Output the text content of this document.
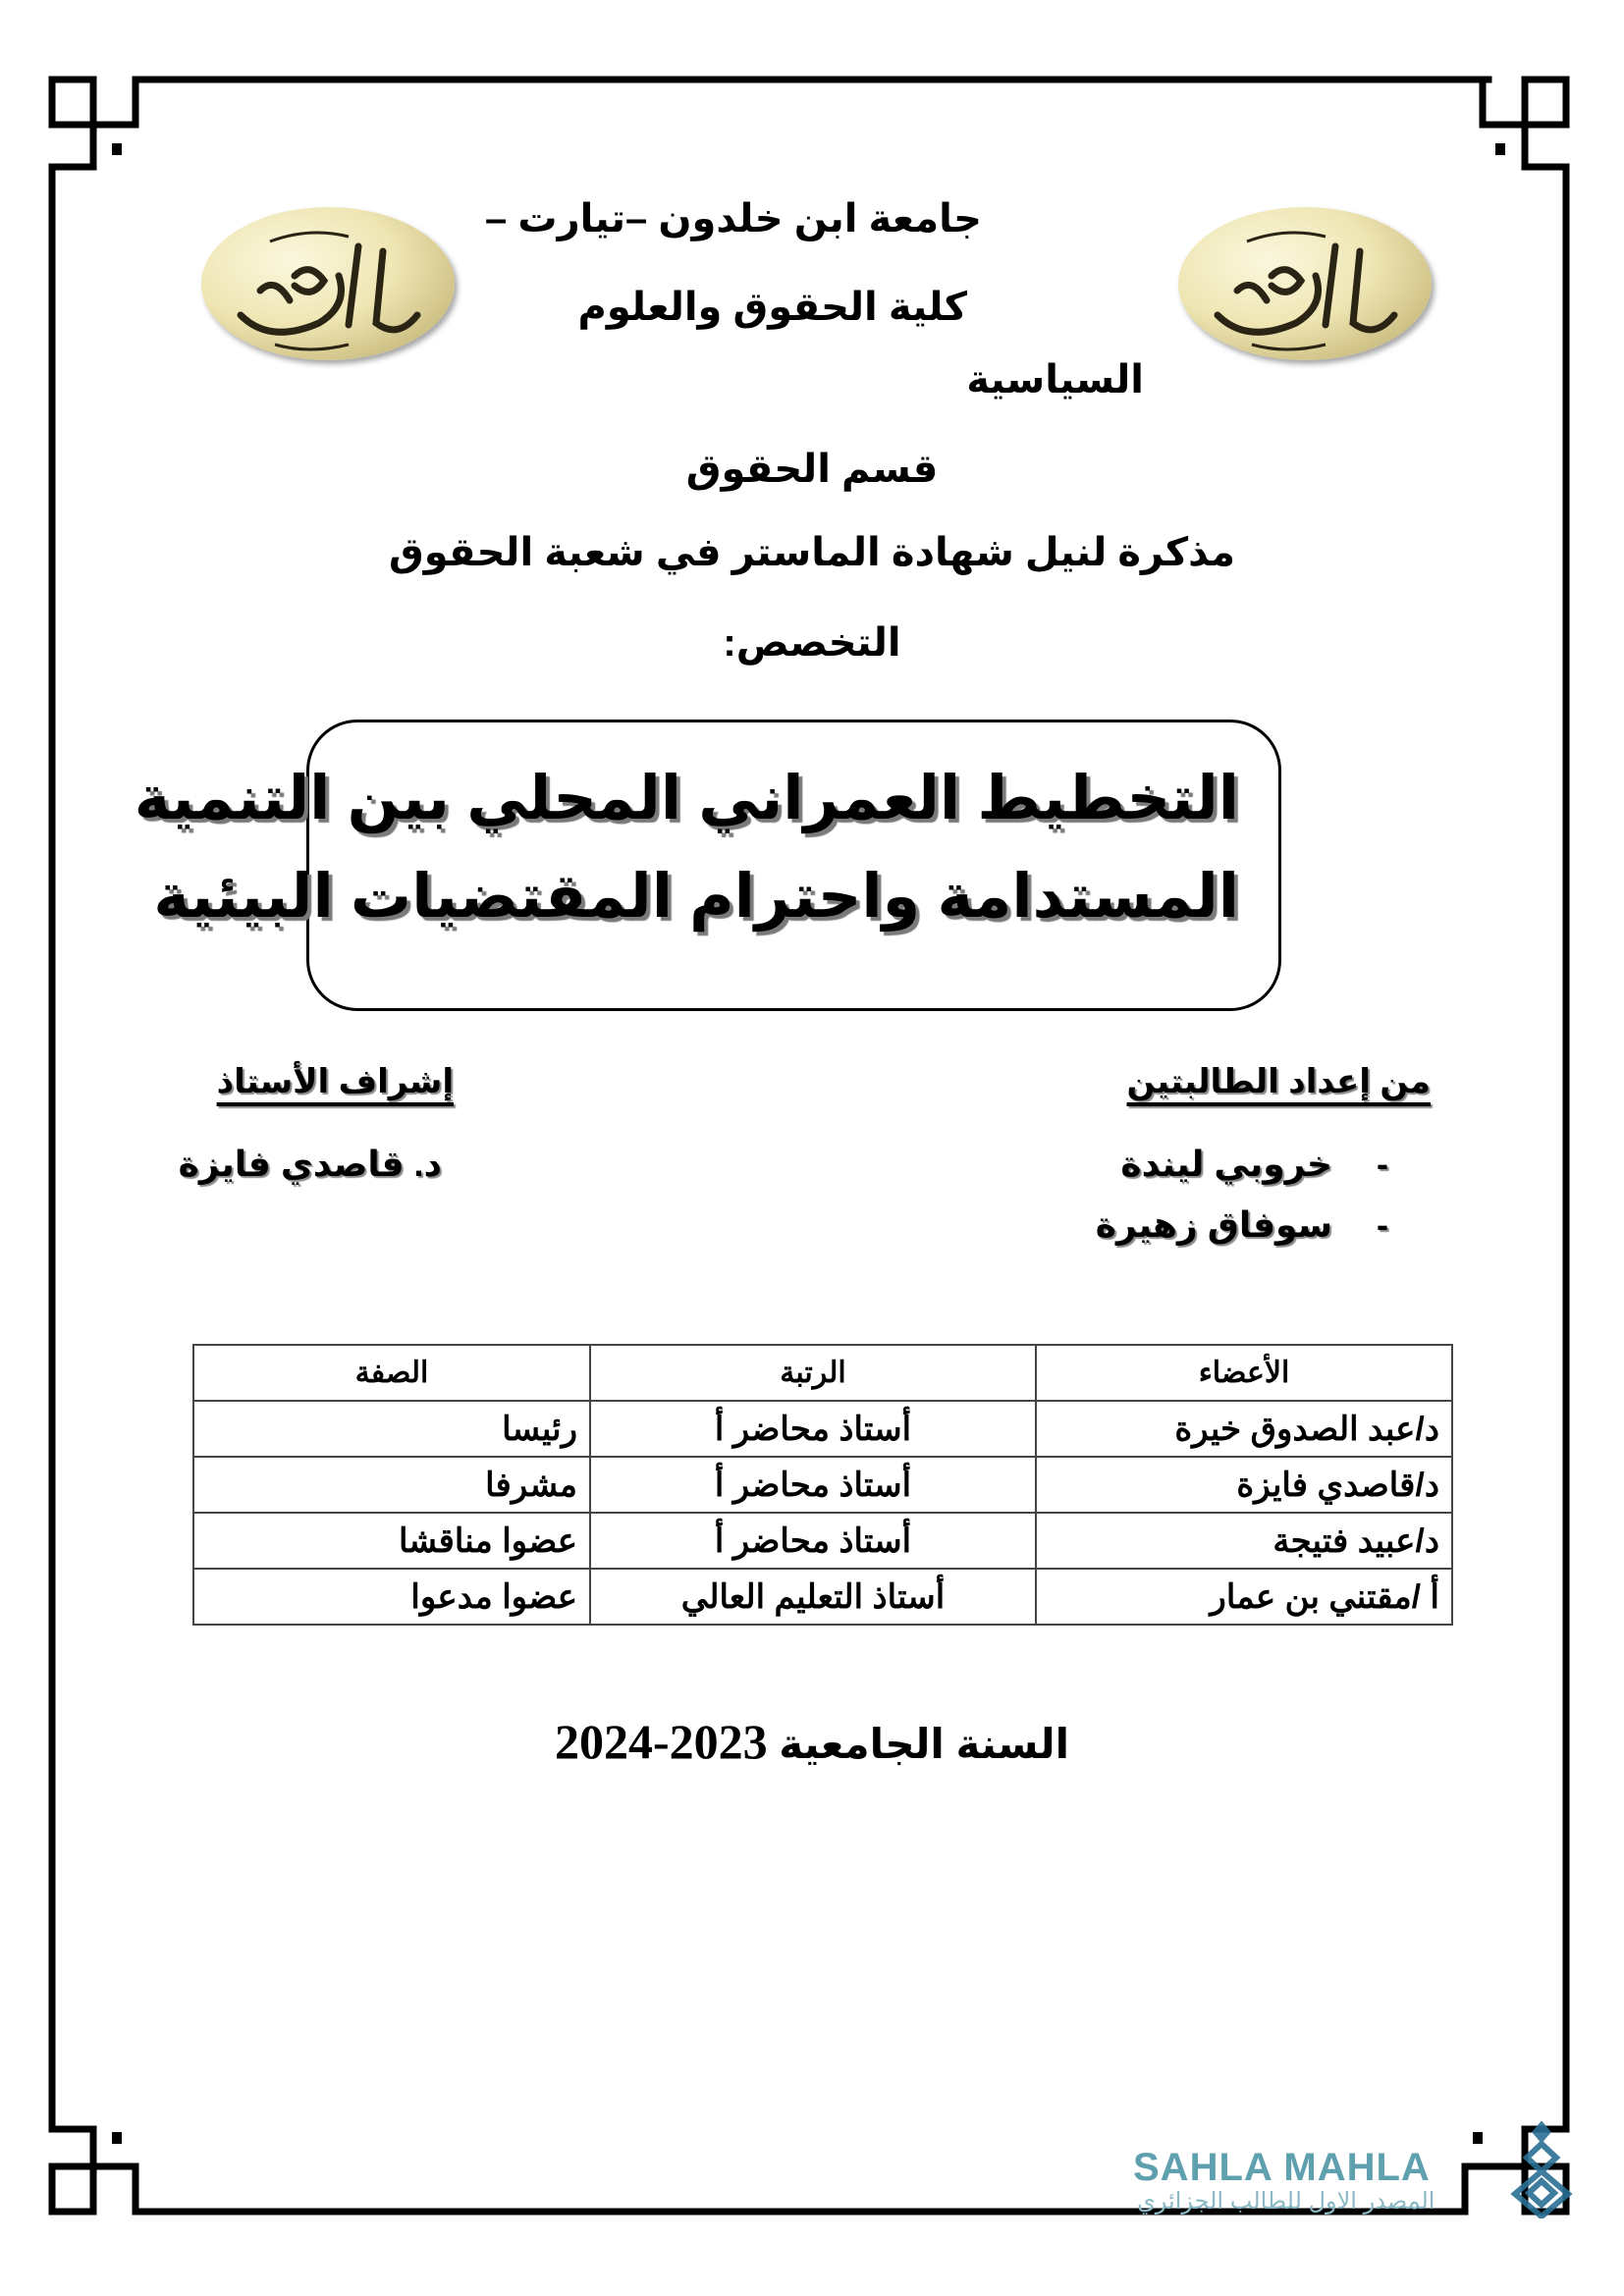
جامعة ابن خلدون –تيارت –
كلية الحقوق والعلوم
السياسية
قسم الحقوق
مذكرة لنيل شهادة الماستر في شعبة الحقوق
التخصص:
التخطيط العمراني المحلي بين التنمية
المستدامة واحترام المقتضيات البيئية
من إعداد الطالبتين
-
خروبي ليندة
-
سوفاق زهيرة
إشراف الأستاذ
د. قاصدي فايزة
الأعضاء	الرتبة	الصفة
د/عبد الصدوق خيرة	أستاذ محاضر أ	رئيسا
د/قاصدي فايزة	أستاذ محاضر أ	مشرفا
د/عبيد فتيجة	أستاذ محاضر أ	عضوا مناقشا
أ /مقتني بن عمار	أستاذ التعليم العالي	عضوا مدعوا
السنة الجامعية 2024-2023
SAHLA MAHLA
المصدر الاول للطالب الجزائري
